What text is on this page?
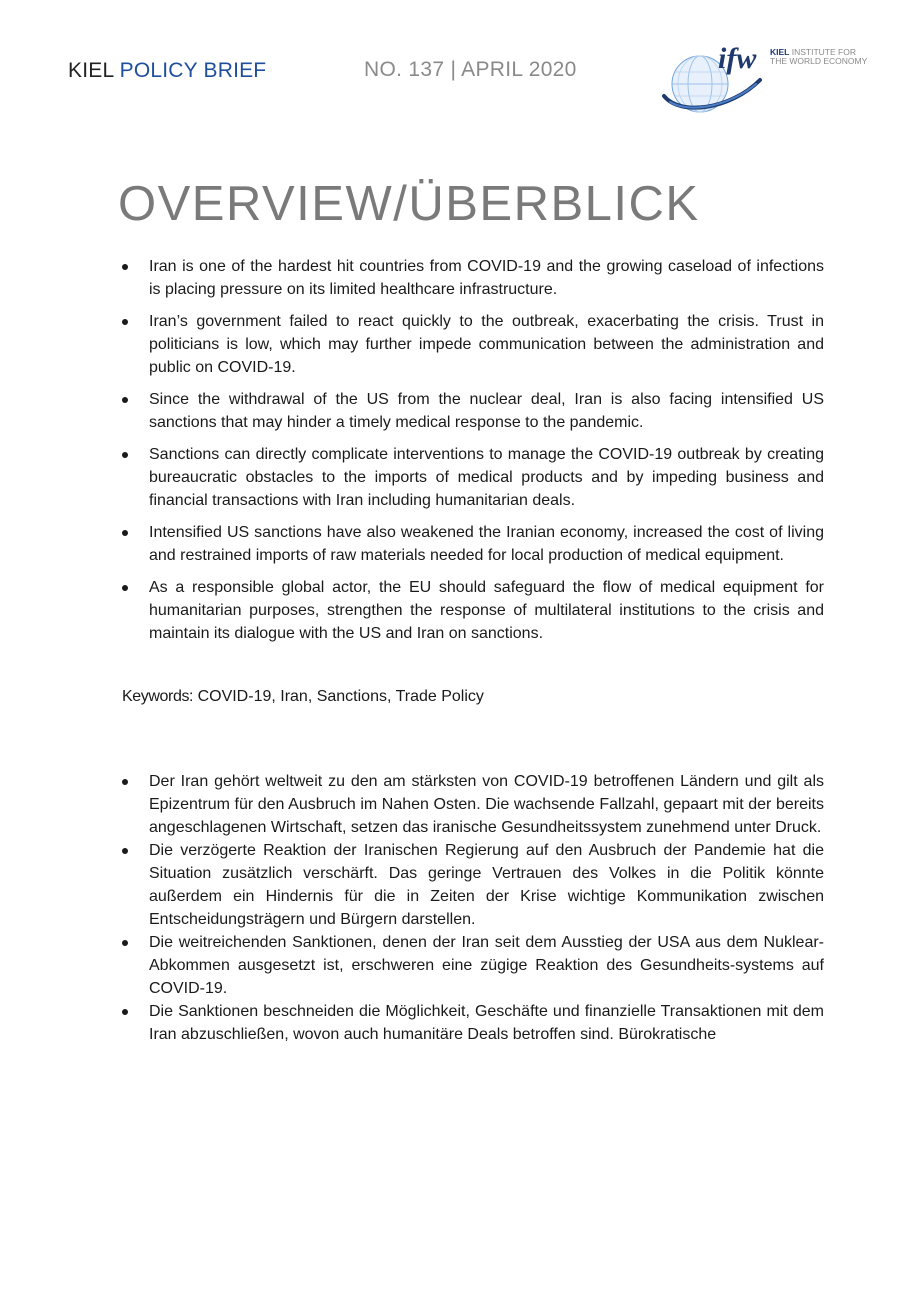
KIEL POLICY BRIEF	NO. 137 | APRIL 2020	ifw KIEL INSTITUTE FOR
THE WORLD ECONOMY
OVERVIEW/ÜBERBLICK
Iran is one of the hardest hit countries from COVID-19 and the growing caseload of infections is placing pressure on its limited healthcare infrastructure.
Iran’s government failed to react quickly to the outbreak, exacerbating the crisis. Trust in politicians is low, which may further impede communication between the administration and public on COVID-19.
Since the withdrawal of the US from the nuclear deal, Iran is also facing intensified US sanctions that may hinder a timely medical response to the pandemic.
Sanctions can directly complicate interventions to manage the COVID-19 outbreak by creating bureaucratic obstacles to the imports of medical products and by impeding business and financial transactions with Iran including humanitarian deals.
Intensified US sanctions have also weakened the Iranian economy, increased the cost of living and restrained imports of raw materials needed for local production of medical equipment.
As a responsible global actor, the EU should safeguard the flow of medical equipment for humanitarian purposes, strengthen the response of multilateral institutions to the crisis and maintain its dialogue with the US and Iran on sanctions.
Keywords: COVID-19, Iran, Sanctions, Trade Policy
Der Iran gehört weltweit zu den am stärksten von COVID-19 betroffenen Ländern und gilt als Epizentrum für den Ausbruch im Nahen Osten. Die wachsende Fallzahl, gepaart mit der bereits angeschlagenen Wirtschaft, setzen das iranische Gesundheitssystem zunehmend unter Druck.
Die verzögerte Reaktion der Iranischen Regierung auf den Ausbruch der Pandemie hat die Situation zusätzlich verschärft. Das geringe Vertrauen des Volkes in die Politik könnte außerdem ein Hindernis für die in Zeiten der Krise wichtige Kommunikation zwischen Entscheidungsträgern und Bürgern darstellen.
Die weitreichenden Sanktionen, denen der Iran seit dem Ausstieg der USA aus dem Nuklear-Abkommen ausgesetzt ist, erschweren eine zügige Reaktion des Gesundheits-systems auf COVID-19.
Die Sanktionen beschneiden die Möglichkeit, Geschäfte und finanzielle Transaktionen mit dem Iran abzuschließen, wovon auch humanitäre Deals betroffen sind. Bürokratische
